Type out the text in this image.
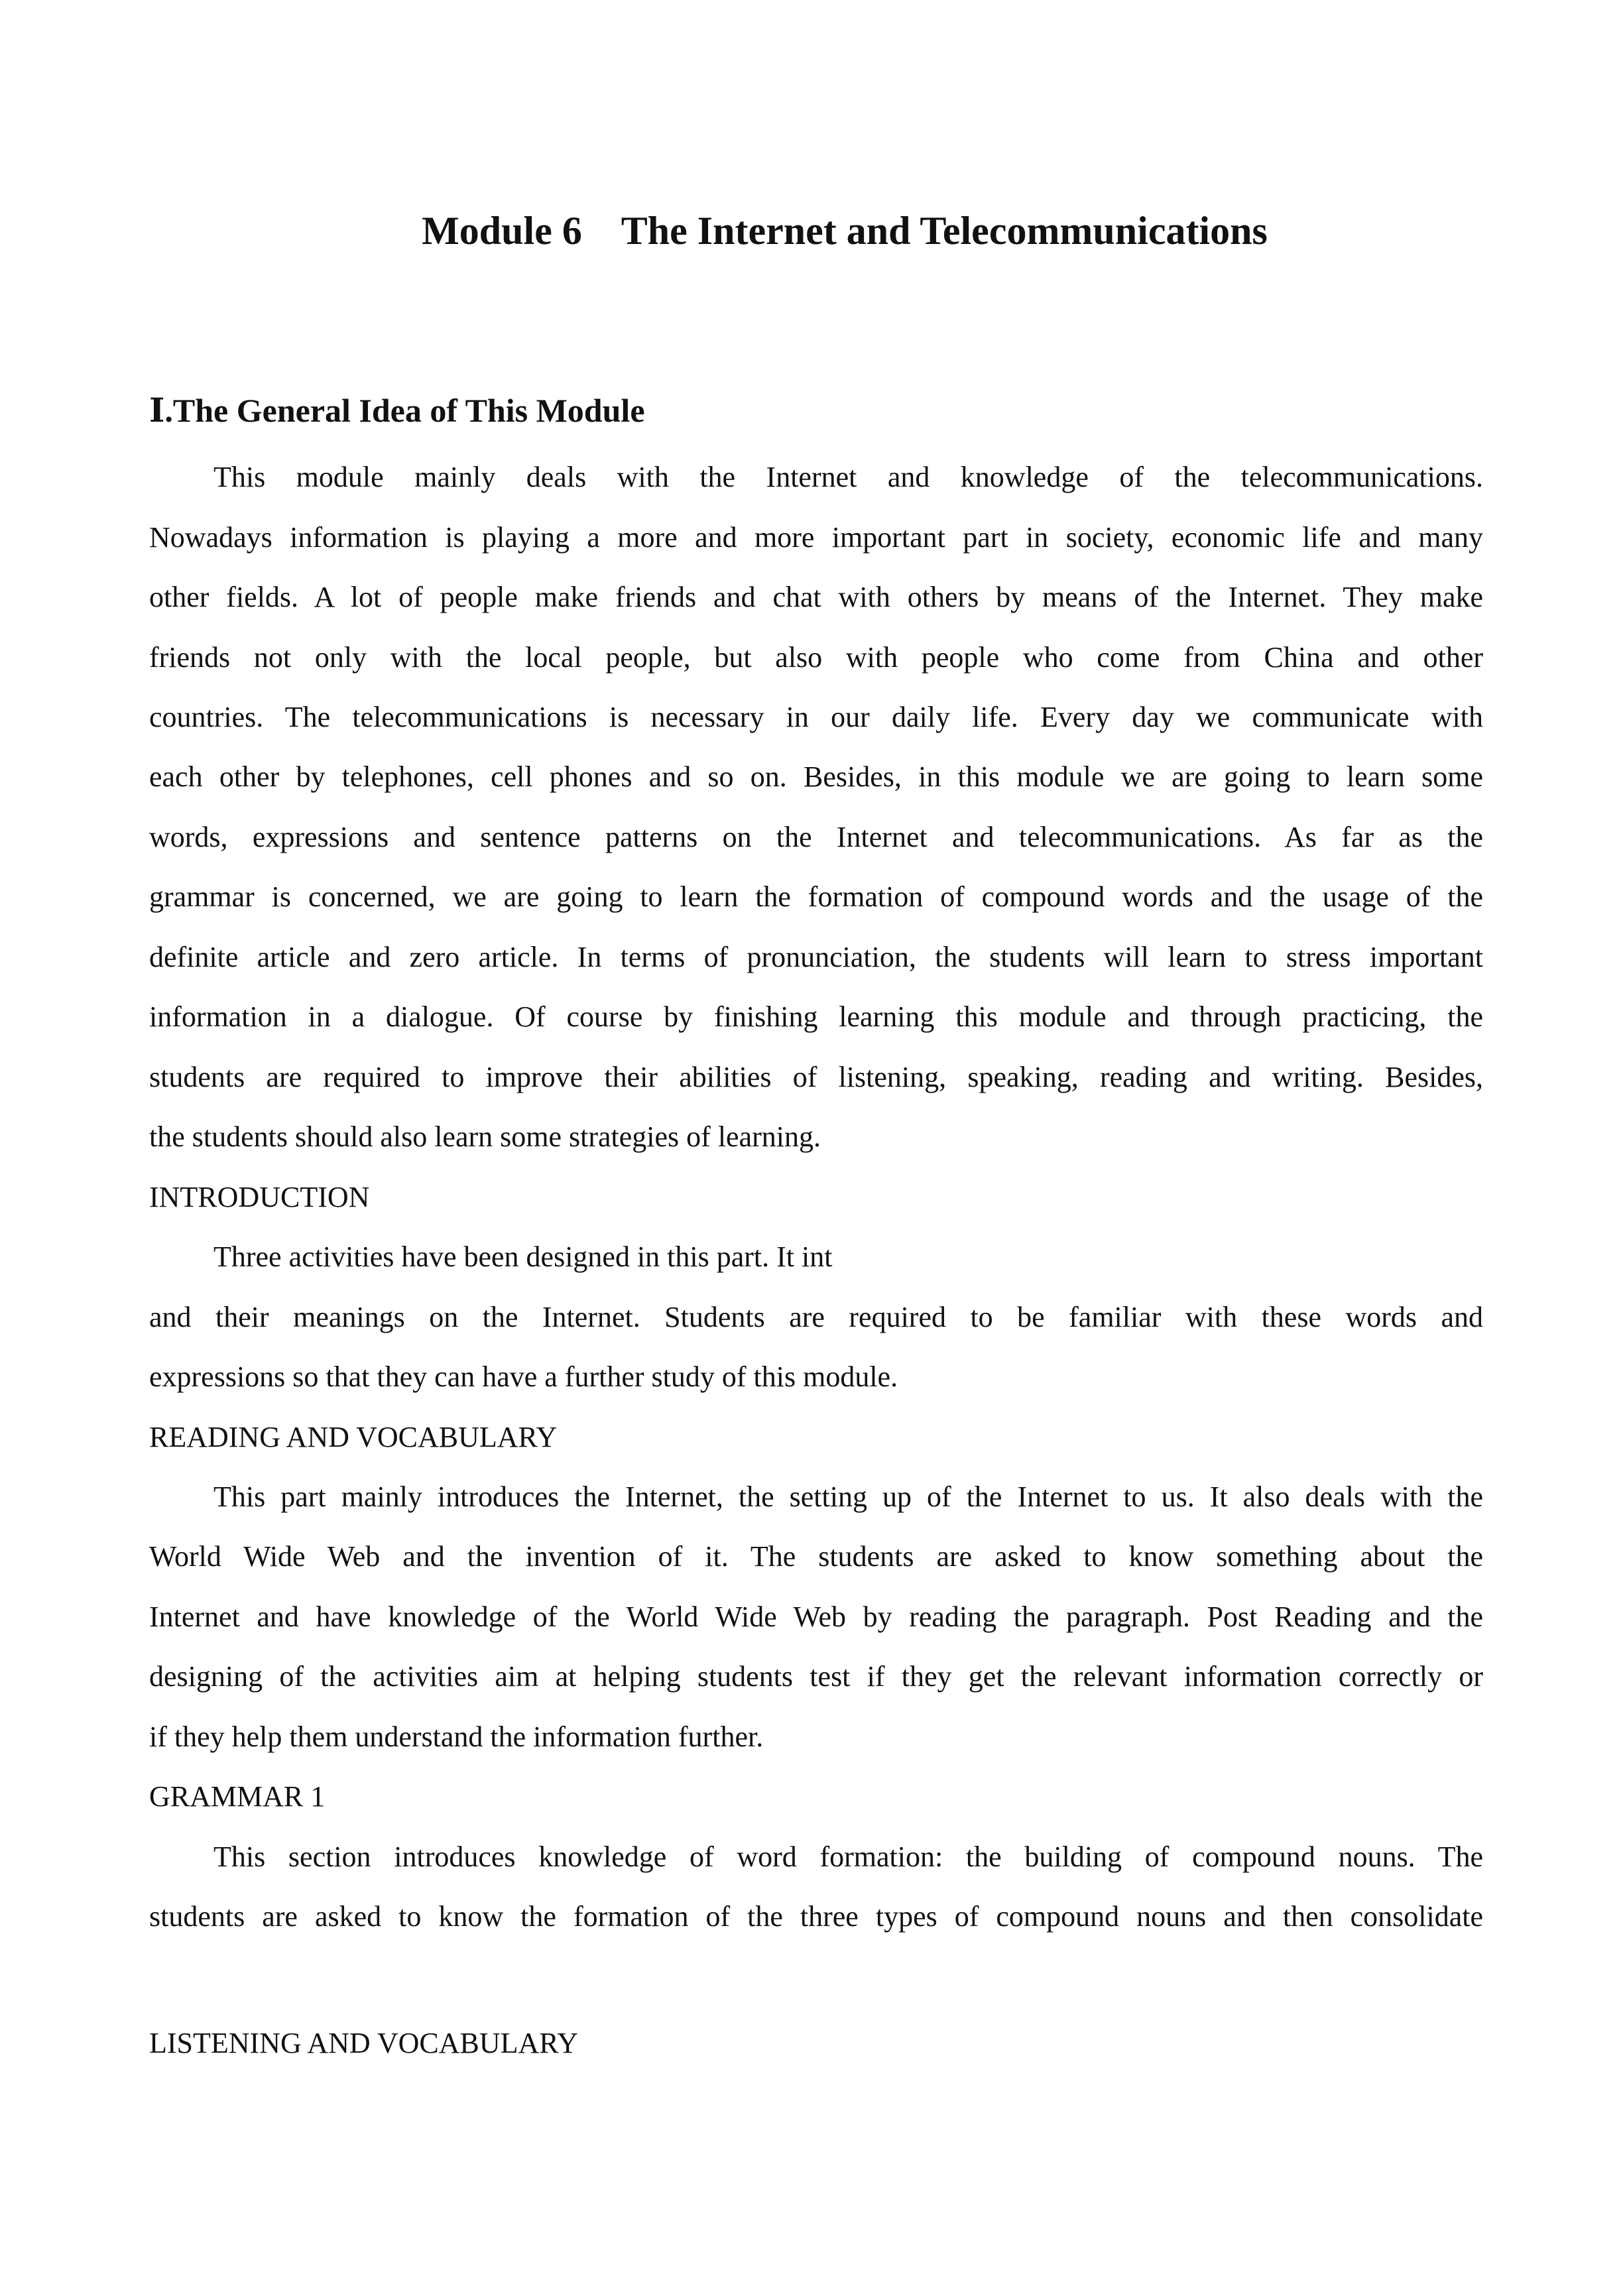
Module 6    The Internet and Telecommunications
Ⅰ.The General Idea of This Module
This module mainly deals with the Internet and knowledge of the telecommunications.
Nowadays information is playing a more and more important part in society, economic life and many
other fields. A lot of people make friends and chat with others by means of the Internet. They make
friends not only with the local people, but also with people who come from China and other
countries. The telecommunications is necessary in our daily life. Every day we communicate with
each other by telephones, cell phones and so on. Besides, in this module we are going to learn some
words, expressions and sentence patterns on the Internet and telecommunications. As far as the
grammar is concerned, we are going to learn the formation of compound words and the usage of the
definite article and zero article. In terms of pronunciation, the students will learn to stress important
information in a dialogue. Of course by finishing learning this module and through practicing, the
students are required to improve their abilities of listening, speaking, reading and writing. Besides,
the students should also learn some strategies of learning.
INTRODUCTION
Three activities have been designed in this part. It int
and their meanings on the Internet. Students are required to be familiar with these words and
expressions so that they can have a further study of this module.
READING AND VOCABULARY
This part mainly introduces the Internet, the setting up of the Internet to us. It also deals with the
World Wide Web and the invention of it. The students are asked to know something about the
Internet and have knowledge of the World Wide Web by reading the paragraph. Post Reading and the
designing of the activities aim at helping students test if they get the relevant information correctly or
if they help them understand the information further.
GRAMMAR 1
This section introduces knowledge of word formation: the building of compound nouns. The
students are asked to know the formation of the three types of compound nouns and then consolidate
LISTENING AND VOCABULARY
